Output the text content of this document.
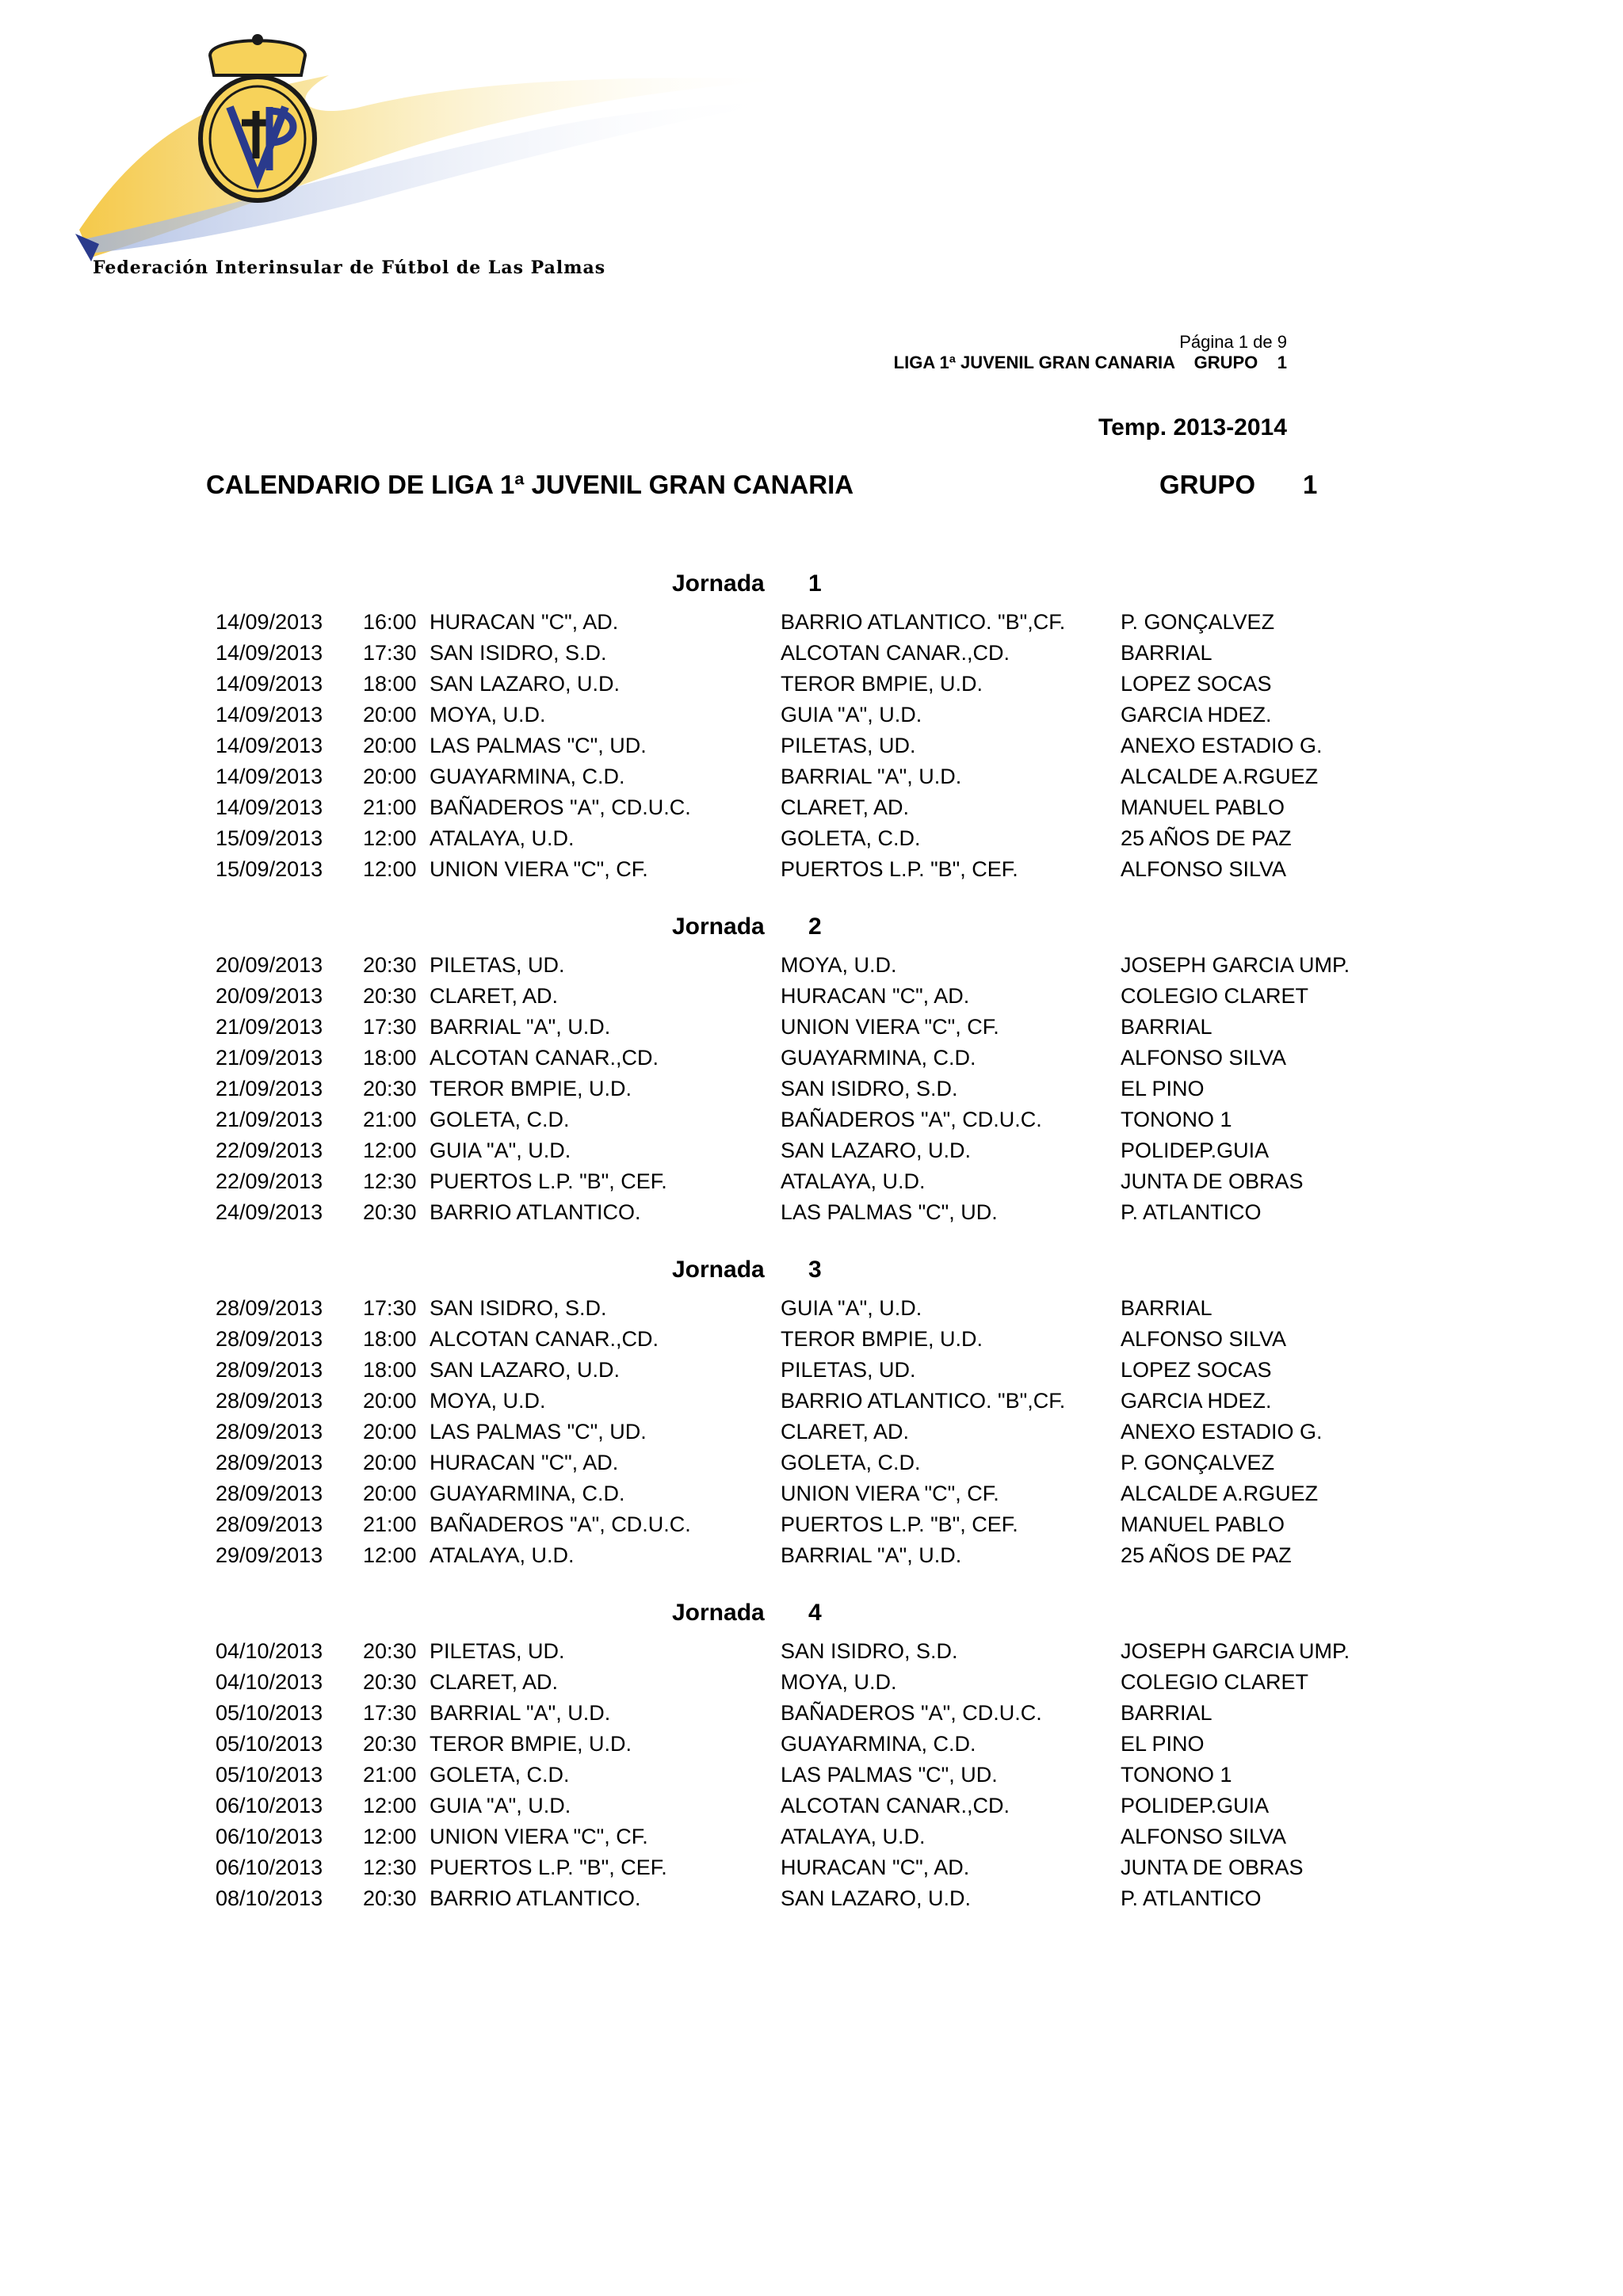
Federación Interinsular de Fútbol de Las Palmas
Página 1 de 9
LIGA 1ª JUVENIL GRAN CANARIA GRUPO 1
Temp. 2013-2014
CALENDARIO DE LIGA 1ª JUVENIL GRAN CANARIA	GRUPO 1
Jornada 1
14/09/2013 16:00 HURACAN "C", AD.	BARRIO ATLANTICO. "B",CF.	P. GONÇALVEZ
14/09/2013 17:30 SAN ISIDRO, S.D.	ALCOTAN CANAR.,CD.	BARRIAL
14/09/2013 18:00 SAN LAZARO, U.D.	TEROR BMPIE, U.D.	LOPEZ SOCAS
14/09/2013 20:00 MOYA, U.D.	GUIA "A", U.D.	GARCIA HDEZ.
14/09/2013 20:00 LAS PALMAS "C", UD.	PILETAS, UD.	ANEXO ESTADIO G.
14/09/2013 20:00 GUAYARMINA, C.D.	BARRIAL "A", U.D.	ALCALDE A.RGUEZ
14/09/2013 21:00 BAÑADEROS "A", CD.U.C.	CLARET, AD.	MANUEL PABLO
15/09/2013 12:00 ATALAYA, U.D.	GOLETA, C.D.	25 AÑOS DE PAZ
15/09/2013 12:00 UNION VIERA "C", CF.	PUERTOS L.P. "B", CEF.	ALFONSO SILVA
Jornada 2
20/09/2013 20:30 PILETAS, UD.	MOYA, U.D.	JOSEPH GARCIA UMP.
20/09/2013 20:30 CLARET, AD.	HURACAN "C", AD.	COLEGIO CLARET
21/09/2013 17:30 BARRIAL "A", U.D.	UNION VIERA "C", CF.	BARRIAL
21/09/2013 18:00 ALCOTAN CANAR.,CD.	GUAYARMINA, C.D.	ALFONSO SILVA
21/09/2013 20:30 TEROR BMPIE, U.D.	SAN ISIDRO, S.D.	EL PINO
21/09/2013 21:00 GOLETA, C.D.	BAÑADEROS "A", CD.U.C.	TONONO 1
22/09/2013 12:00 GUIA "A", U.D.	SAN LAZARO, U.D.	POLIDEP.GUIA
22/09/2013 12:30 PUERTOS L.P. "B", CEF.	ATALAYA, U.D.	JUNTA DE OBRAS
24/09/2013 20:30 BARRIO ATLANTICO.	LAS PALMAS "C", UD.	P. ATLANTICO
Jornada 3
28/09/2013 17:30 SAN ISIDRO, S.D.	GUIA "A", U.D.	BARRIAL
28/09/2013 18:00 ALCOTAN CANAR.,CD.	TEROR BMPIE, U.D.	ALFONSO SILVA
28/09/2013 18:00 SAN LAZARO, U.D.	PILETAS, UD.	LOPEZ SOCAS
28/09/2013 20:00 MOYA, U.D.	BARRIO ATLANTICO. "B",CF.	GARCIA HDEZ.
28/09/2013 20:00 LAS PALMAS "C", UD.	CLARET, AD.	ANEXO ESTADIO G.
28/09/2013 20:00 HURACAN "C", AD.	GOLETA, C.D.	P. GONÇALVEZ
28/09/2013 20:00 GUAYARMINA, C.D.	UNION VIERA "C", CF.	ALCALDE A.RGUEZ
28/09/2013 21:00 BAÑADEROS "A", CD.U.C.	PUERTOS L.P. "B", CEF.	MANUEL PABLO
29/09/2013 12:00 ATALAYA, U.D.	BARRIAL "A", U.D.	25 AÑOS DE PAZ
Jornada 4
04/10/2013 20:30 PILETAS, UD.	SAN ISIDRO, S.D.	JOSEPH GARCIA UMP.
04/10/2013 20:30 CLARET, AD.	MOYA, U.D.	COLEGIO CLARET
05/10/2013 17:30 BARRIAL "A", U.D.	BAÑADEROS "A", CD.U.C.	BARRIAL
05/10/2013 20:30 TEROR BMPIE, U.D.	GUAYARMINA, C.D.	EL PINO
05/10/2013 21:00 GOLETA, C.D.	LAS PALMAS "C", UD.	TONONO 1
06/10/2013 12:00 GUIA "A", U.D.	ALCOTAN CANAR.,CD.	POLIDEP.GUIA
06/10/2013 12:00 UNION VIERA "C", CF.	ATALAYA, U.D.	ALFONSO SILVA
06/10/2013 12:30 PUERTOS L.P. "B", CEF.	HURACAN "C", AD.	JUNTA DE OBRAS
08/10/2013 20:30 BARRIO ATLANTICO.	SAN LAZARO, U.D.	P. ATLANTICO
